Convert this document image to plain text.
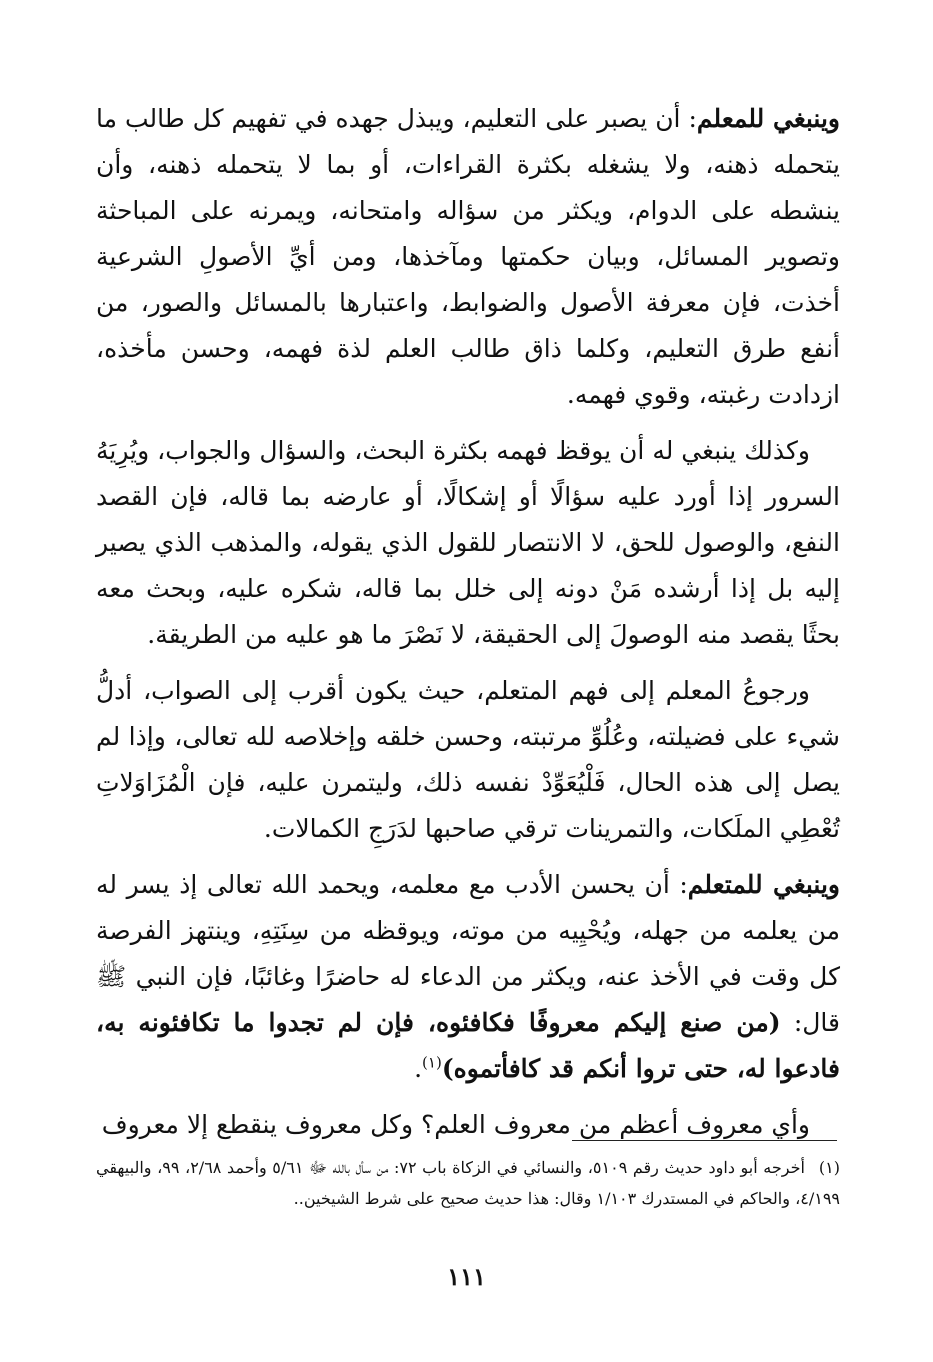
وينبغي للمعلم: أن يصبر على التعليم، ويبذل جهده في تفهيم كل طالب ما يتحمله ذهنه، ولا يشغله بكثرة القراءات، أو بما لا يتحمله ذهنه، وأن ينشطه على الدوام، ويكثر من سؤاله وامتحانه، ويمرنه على المباحثة وتصوير المسائل، وبيان حكمتها ومآخذها، ومن أيِّ الأصولِ الشرعية أخذت، فإن معرفة الأصول والضوابط، واعتبارها بالمسائل والصور، من أنفع طرق التعليم، وكلما ذاق طالب العلم لذة فهمه، وحسن مأخذه، ازدادت رغبته، وقوي فهمه.

وكذلك ينبغي له أن يوقظ فهمه بكثرة البحث، والسؤال والجواب، ويُرِيَهُ السرور إذا أورد عليه سؤالًا أو إشكالًا، أو عارضه بما قاله، فإن القصد النفع، والوصول للحق، لا الانتصار للقول الذي يقوله، والمذهب الذي يصير إليه بل إذا أرشده مَنْ دونه إلى خلل بما قاله، شكره عليه، وبحث معه بحثًا يقصد منه الوصولَ إلى الحقيقة، لا نَصْرَ ما هو عليه من الطريقة.

ورجوعُ المعلم إلى فهم المتعلم، حيث يكون أقرب إلى الصواب، أدلُّ شيء على فضيلته، وعُلُوِّ مرتبته، وحسن خلقه وإخلاصه لله تعالى، وإذا لم يصل إلى هذه الحال، فَلْيُعَوِّدْ نفسه ذلك، وليتمرن عليه، فإن الْمُزَاوَلاتِ تُعْطِي الملَكات، والتمرينات ترقي صاحبها لدَرَجِ الكمالات.

وينبغي للمتعلم: أن يحسن الأدب مع معلمه، ويحمد الله تعالى إذ يسر له من يعلمه من جهله، ويُحْيِيه من موته، ويوقظه من سِنَتِهِ، وينتهز الفرصة كل وقت في الأخذ عنه، ويكثر من الدعاء له حاضرًا وغائبًا، فإن النبي ﷺ قال: (من صنع إليكم معروفًا فكافئوه، فإن لم تجدوا ما تكافئونه به، فادعوا له، حتى تروا أنكم قد كافأتموه)$^{(١)}$.

وأي معروف أعظم من معروف العلم؟ وكل معروف ينقطع إلا معروف

(١)أخرجه أبو داود حديث رقم ٥١٠٩، والنسائي في الزكاة باب ٧٢: من سأل بالله ﷻ ٥/٦١ وأحمد ٢/٦٨، ٩٩، والبيهقي ٤/١٩٩، والحاكم في المستدرك ١/١٠٣ وقال: هذا حديث صحيح على شرط الشيخين..

١١١
